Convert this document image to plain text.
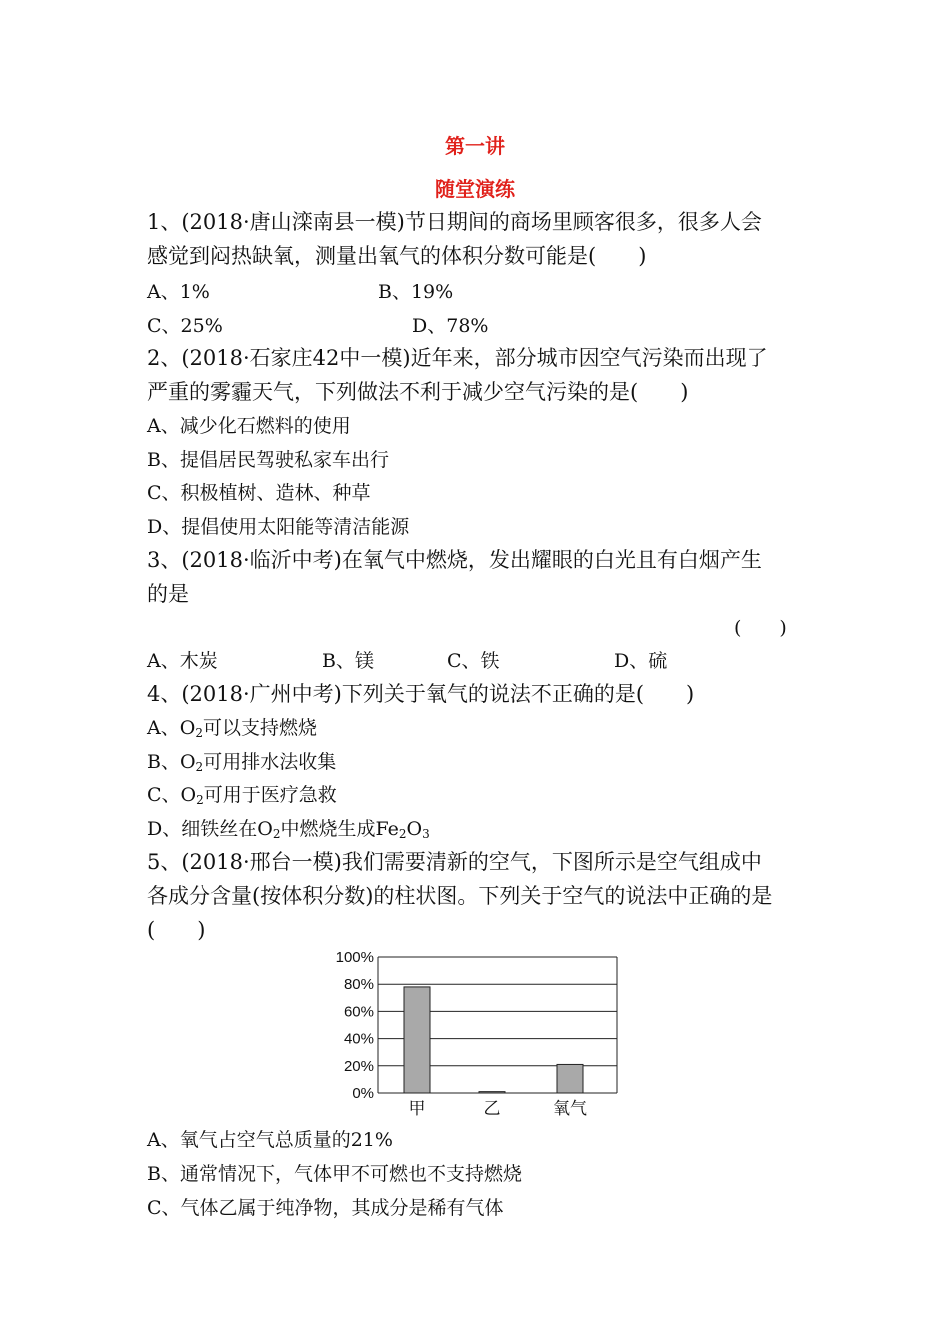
第一讲
随堂演练
1、(2018·唐山滦南县一模)节日期间的商场里顾客很多，很多人会
感觉到闷热缺氧，测量出氧气的体积分数可能是(　　)
A、1%	B、19%
C、25%	D、78%
2、(2018·石家庄42中一模)近年来，部分城市因空气污染而出现了
严重的雾霾天气，下列做法不利于减少空气污染的是(　　)
A、减少化石燃料的使用
B、提倡居民驾驶私家车出行
C、积极植树、造林、种草
D、提倡使用太阳能等清洁能源
3、(2018·临沂中考)在氧气中燃烧，发出耀眼的白光且有白烟产生
的是
(　　)
A、木炭	B、镁	C、铁	D、硫
4、(2018·广州中考)下列关于氧气的说法不正确的是(　　)
A、$O_2$可以支持燃烧
B、$O_2$可用排水法收集
C、$O_2$可用于医疗急救
D、细铁丝在$O_2$中燃烧生成$Fe_2O_3$
5、(2018·邢台一模)我们需要清新的空气，下图所示是空气组成中
各成分含量(按体积分数)的柱状图。下列关于空气的说法中正确的是
(　　)
0%
20%
40%
60%
80%
100%
甲	乙	氧气
A、氧气占空气总质量的21%
B、通常情况下，气体甲不可燃也不支持燃烧
C、气体乙属于纯净物，其成分是稀有气体
